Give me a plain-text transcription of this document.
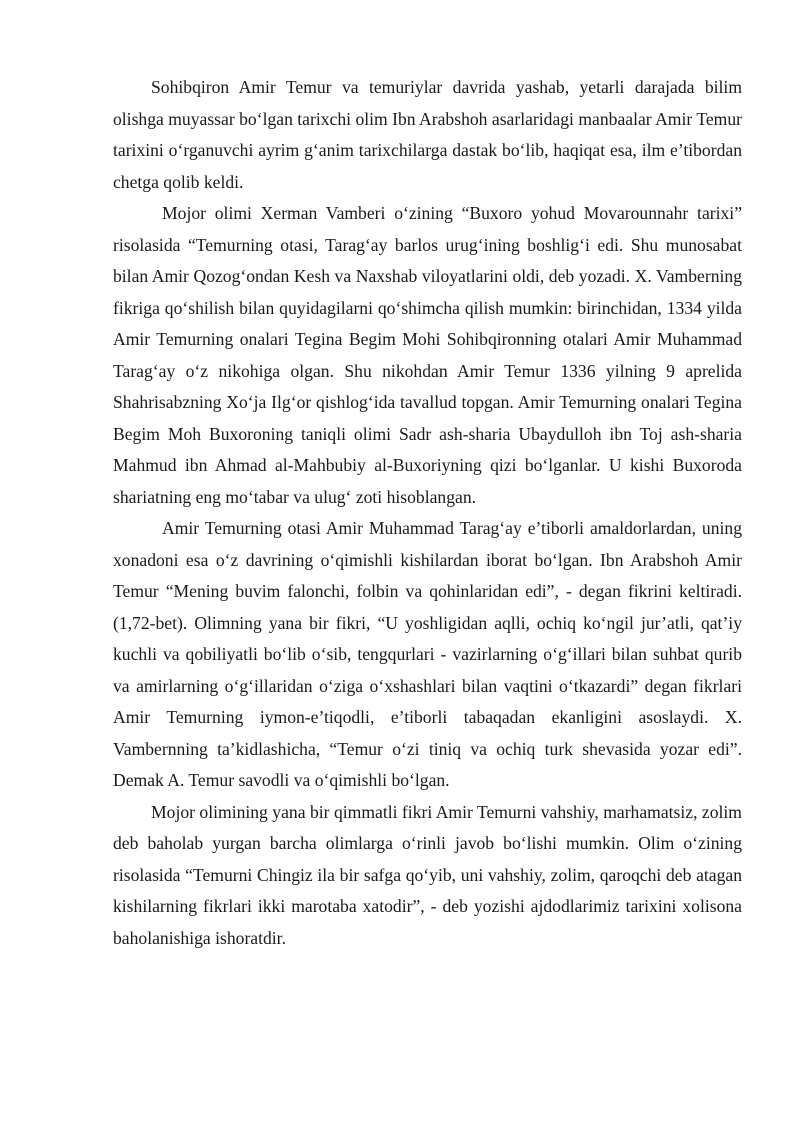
Sohibqiron Amir Temur va temuriylar davrida yashab, yetarli darajada bilim olishga muyassar bo‘lgan tarixchi olim Ibn Arabshoh asarlaridagi manbaalar Amir Temur tarixini o‘rganuvchi ayrim g‘anim tarixchilarga dastak bo‘lib, haqiqat esa, ilm e’tibordan chetga qolib keldi.

Mojor olimi Xerman Vamberi o‘zining “Buxoro yohud Movarounnahr tarixi” risolasida “Temurning otasi, Tarag‘ay barlos urug‘ining boshlig‘i edi. Shu munosabat bilan Amir Qozog‘ondan Kesh va Naxshab viloyatlarini oldi, deb yozadi. X. Vamberning fikriga qo‘shilish bilan quyidagilarni qo‘shimcha qilish mumkin: birinchidan, 1334 yilda Amir Temurning onalari Tegina Begim Mohi Sohibqironning otalari Amir Muhammad Tarag‘ay o‘z nikohiga olgan. Shu nikohdan Amir Temur 1336 yilning 9 aprelida Shahrisabzning Xo‘ja Ilg‘or qishlog‘ida tavallud topgan. Amir Temurning onalari Tegina Begim Moh Buxoroning taniqli olimi Sadr ash-sharia Ubaydulloh ibn Toj ash-sharia Mahmud ibn Ahmad al-Mahbubiy al-Buxoriyning qizi bo‘lganlar. U kishi Buxoroda shariatning eng mo‘tabar va ulug‘ zoti hisoblangan.

Amir Temurning otasi Amir Muhammad Tarag‘ay e’tiborli amaldorlardan, uning xonadoni esa o‘z davrining o‘qimishli kishilardan iborat bo‘lgan. Ibn Arabshoh Amir Temur “Mening buvim falonchi, folbin va qohinlaridan edi”, - degan fikrini keltiradi. (1,72-bet). Olimning yana bir fikri, “U yoshligidan aqlli, ochiq ko‘ngil jur’atli, qat’iy kuchli va qobiliyatli bo‘lib o‘sib, tengqurlari - vazirlarning o‘g‘illari bilan suhbat qurib va amirlarning o‘g‘illaridan o‘ziga o‘xshashlari bilan vaqtini o‘tkazardi” degan fikrlari Amir Temurning iymon-e’tiqodli, e’tiborli tabaqadan ekanligini asoslaydi. X. Vambernning ta’kidlashicha, “Temur o‘zi tiniq va ochiq turk shevasida yozar edi”. Demak A. Temur savodli va o‘qimishli bo‘lgan.

Mojor olimining yana bir qimmatli fikri Amir Temurni vahshiy, marhamatsiz, zolim deb baholab yurgan barcha olimlarga o‘rinli javob bo‘lishi mumkin. Olim o‘zining risolasida “Temurni Chingiz ila bir safga qo‘yib, uni vahshiy, zolim, qaroqchi deb atagan kishilarning fikrlari ikki marotaba xatodir”, - deb yozishi ajdodlarimiz tarixini xolisona baholanishiga ishoratdir.
